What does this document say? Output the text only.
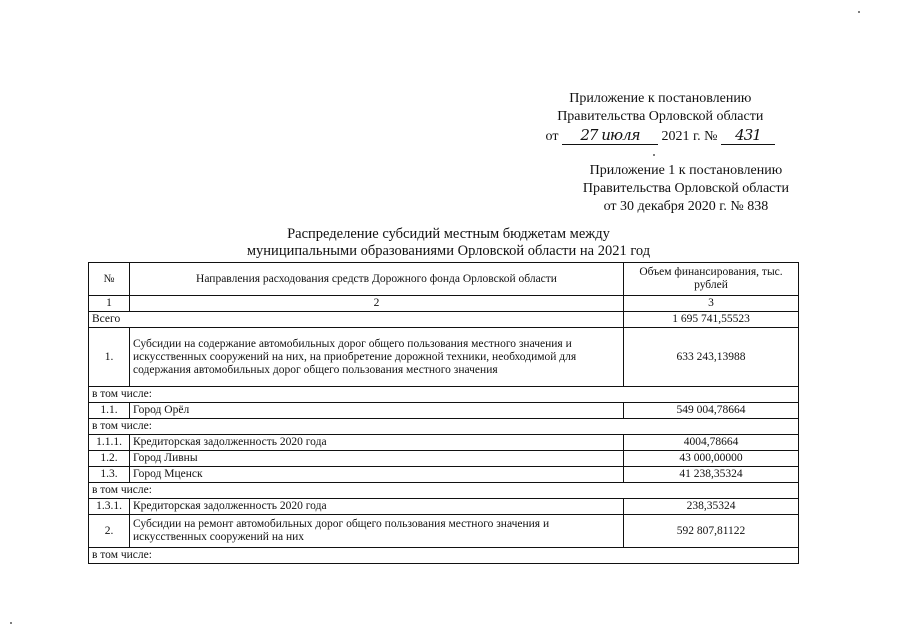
Приложение к постановлению
Правительства Орловской области
от 27 июля 2021 г. № 431
Приложение 1 к постановлению
Правительства Орловской области
от 30 декабря 2020 г. № 838
Распределение субсидий местным бюджетам между
муниципальными образованиями Орловской области на 2021 год
№	Направления расходования средств Дорожного фонда Орловской области	Объем финансирования, тыс. рублей
1	2	3
Всего		1 695 741,55523
1.	Субсидии на содержание автомобильных дорог общего пользования местного значения и искусственных сооружений на них, на приобретение дорожной техники, необходимой для содержания автомобильных дорог общего пользования местного значения	633 243,13988
в том числе:		
1.1.	Город Орёл	549 004,78664
в том числе:		
1.1.1.	Кредиторская задолженность 2020 года	4004,78664
1.2.	Город Ливны	43 000,00000
1.3.	Город Мценск	41 238,35324
в том числе:		
1.3.1.	Кредиторская задолженность 2020 года	238,35324
2.	Субсидии на ремонт автомобильных дорог общего пользования местного значения и искусственных сооружений на них	592 807,81122
в том числе:		
